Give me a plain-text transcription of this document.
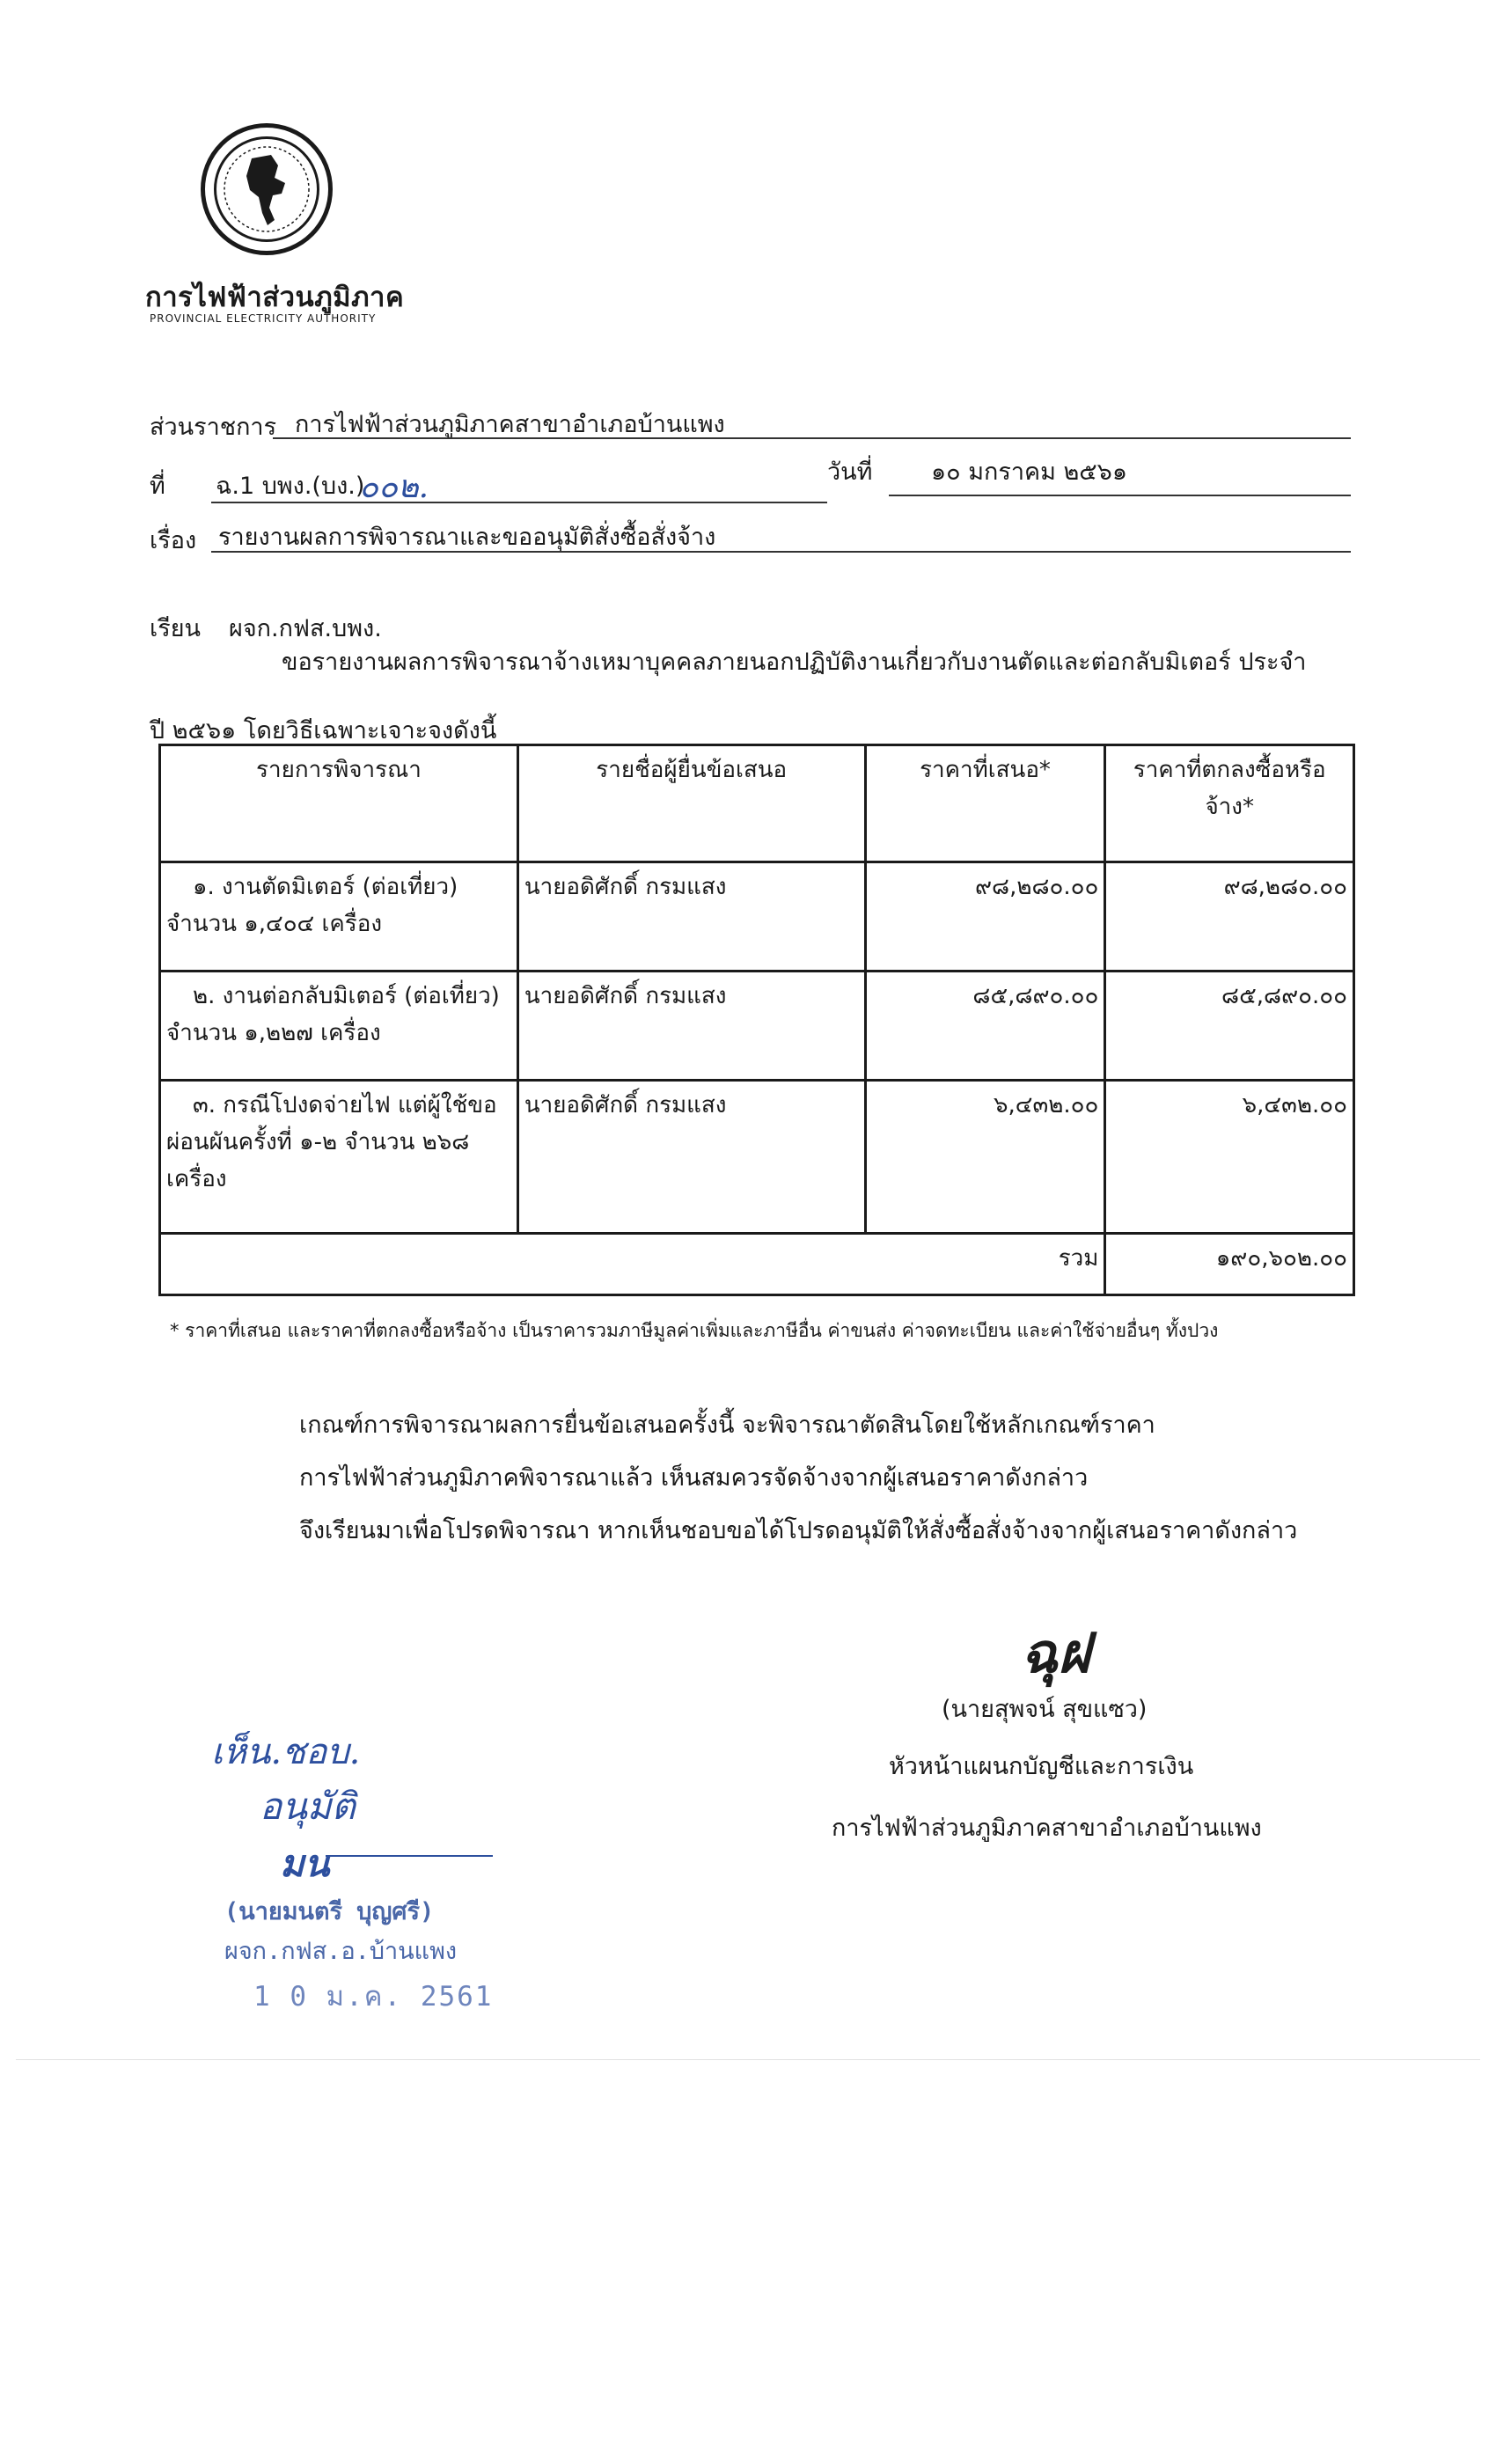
การไฟฟ้าส่วนภูมิภาค
PROVINCIAL ELECTRICITY AUTHORITY
ส่วนราชการ การไฟฟ้าส่วนภูมิภาคสาขาอำเภอบ้านแพง
ที่ ฉ.1 บพง.(บง.)
๐๐๒.	วันที่ ๑๐ มกราคม ๒๕๖๑
เรื่อง รายงานผลการพิจารณาและขออนุมัติสั่งซื้อสั่งจ้าง
เรียน ผจก.กฟส.บพง.
ขอรายงานผลการพิจารณาจ้างเหมาบุคคลภายนอกปฏิบัติงานเกี่ยวกับงานตัดและต่อกลับมิเตอร์ ประจำ
ปี ๒๕๖๑ โดยวิธีเฉพาะเจาะจงดังนี้
รายการพิจารณา	รายชื่อผู้ยื่นข้อเสนอ	ราคาที่เสนอ*	ราคาที่ตกลงซื้อหรือจ้าง*

๑. งานตัดมิเตอร์ (ต่อเที่ยว)
จำนวน ๑,๔๐๔ เครื่อง	นายอดิศักดิ์ กรมแสง	๙๘,๒๘๐.๐๐	๙๘,๒๘๐.๐๐

๒. งานต่อกลับมิเตอร์ (ต่อเที่ยว)
จำนวน ๑,๒๒๗ เครื่อง	นายอดิศักดิ์ กรมแสง	๘๕,๘๙๐.๐๐	๘๕,๘๙๐.๐๐

๓. กรณีโปงดจ่ายไฟ แต่ผู้ใช้ขอ
ผ่อนผันครั้งที่ ๑-๒ จำนวน ๒๖๘
เครื่อง	นายอดิศักดิ์ กรมแสง	๖,๔๓๒.๐๐	๖,๔๓๒.๐๐
รวม			๑๙๐,๖๐๒.๐๐
* ราคาที่เสนอ และราคาที่ตกลงซื้อหรือจ้าง เป็นราคารวมภาษีมูลค่าเพิ่มและภาษีอื่น ค่าขนส่ง ค่าจดทะเบียน และค่าใช้จ่ายอื่นๆ ทั้งปวง
เกณฑ์การพิจารณาผลการยื่นข้อเสนอครั้งนี้ จะพิจารณาตัดสินโดยใช้หลักเกณฑ์ราคา
การไฟฟ้าส่วนภูมิภาคพิจารณาแล้ว เห็นสมควรจัดจ้างจากผู้เสนอราคาดังกล่าว
จึงเรียนมาเพื่อโปรดพิจารณา หากเห็นชอบขอได้โปรดอนุมัติให้สั่งซื้อสั่งจ้างจากผู้เสนอราคาดังกล่าว
ฉุฝ
(นายสุพจน์ สุขแซว)
หัวหน้าแผนกบัญชีและการเงิน
การไฟฟ้าส่วนภูมิภาคสาขาอำเภอบ้านแพง
เห็น.ชอบ.
อนุมัติ
มน
(นายมนตรี บุญศรี)
ผจก.กฟส.อ.บ้านแพง
1 0 ม.ค. 2561
